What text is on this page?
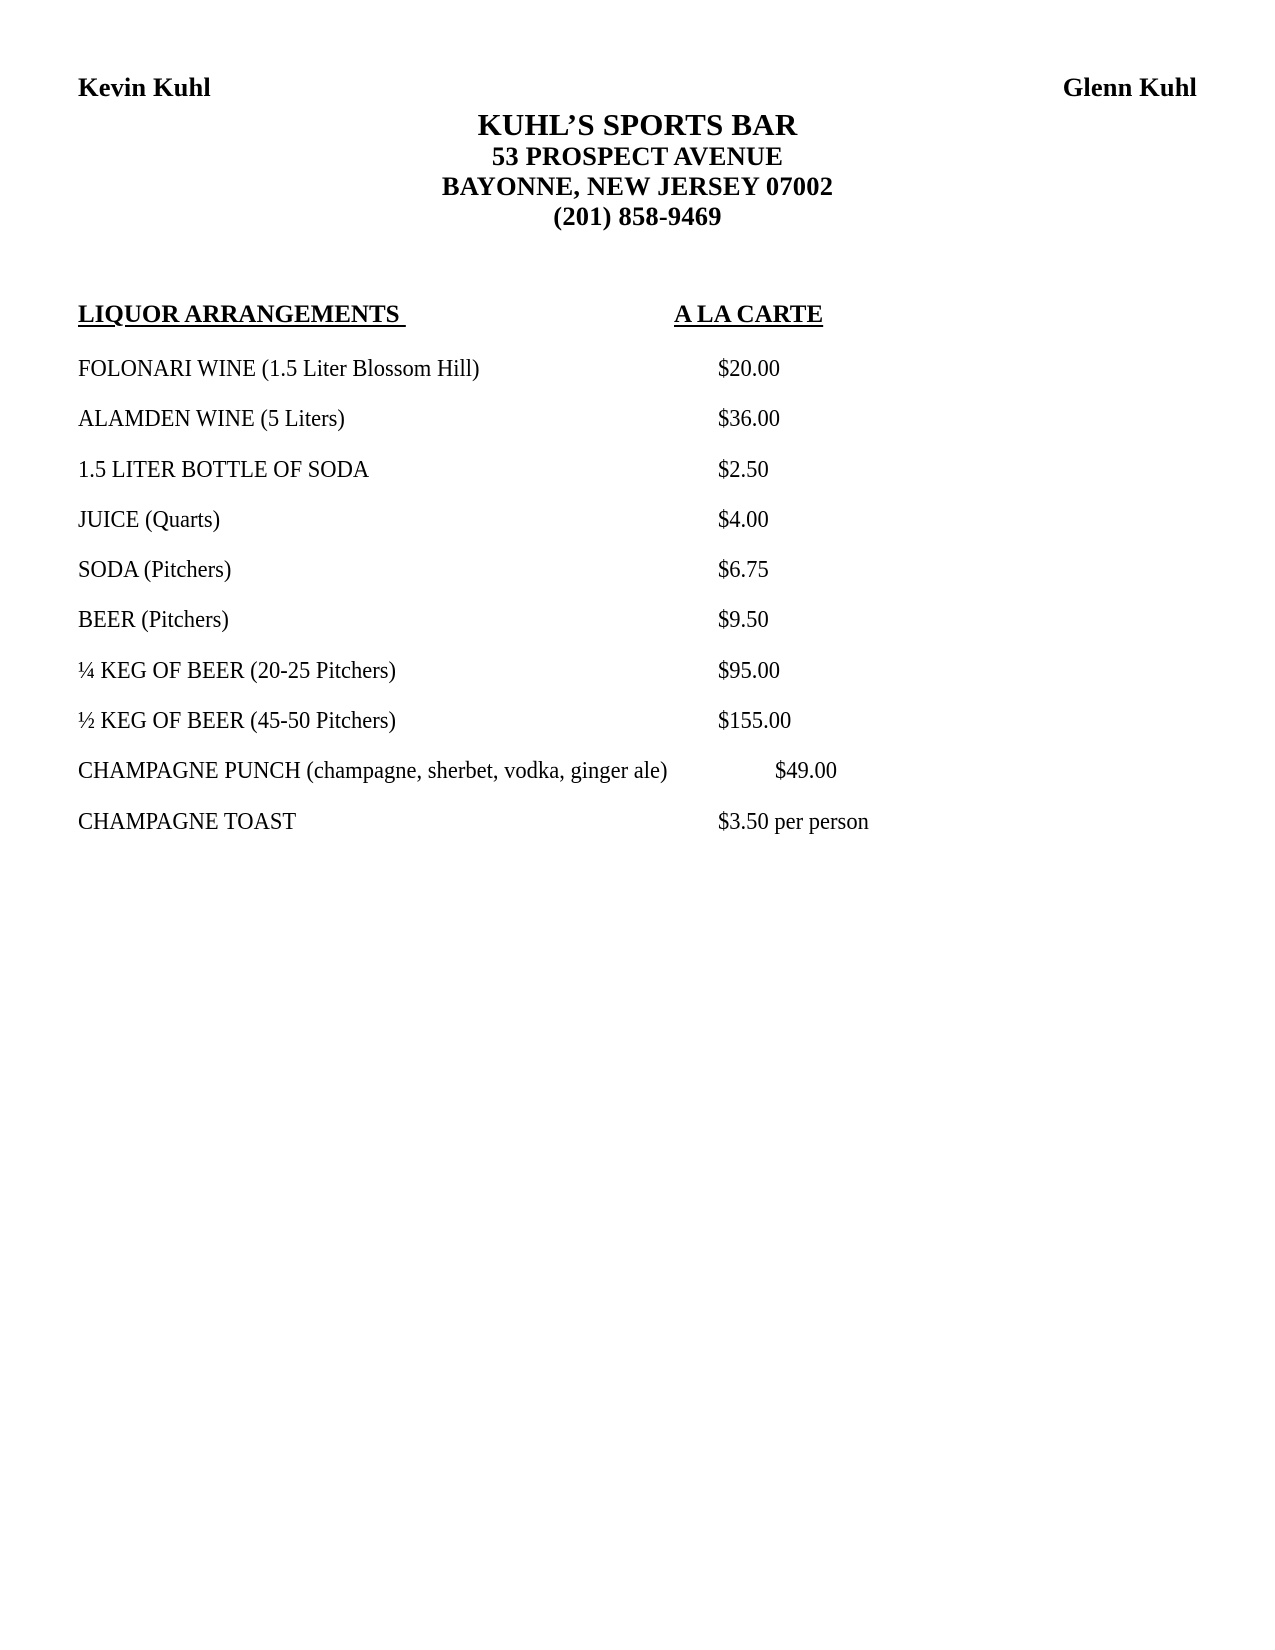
Kevin Kuhl	Glenn Kuhl
KUHL’S SPORTS BAR
53 PROSPECT AVENUE
BAYONNE, NEW JERSEY 07002
(201) 858-9469
LIQUOR ARRANGEMENTS	A LA CARTE
FOLONARI WINE (1.5 Liter Blossom Hill)	$20.00
ALAMDEN WINE (5 Liters)	$36.00
1.5 LITER BOTTLE OF SODA	$2.50
JUICE (Quarts)	$4.00
SODA (Pitchers)	$6.75
BEER (Pitchers)	$9.50
¼ KEG OF BEER (20-25 Pitchers)	$95.00
½ KEG OF BEER (45-50 Pitchers)	$155.00
CHAMPAGNE PUNCH (champagne, sherbet, vodka, ginger ale)	$49.00
CHAMPAGNE TOAST	$3.50 per person
